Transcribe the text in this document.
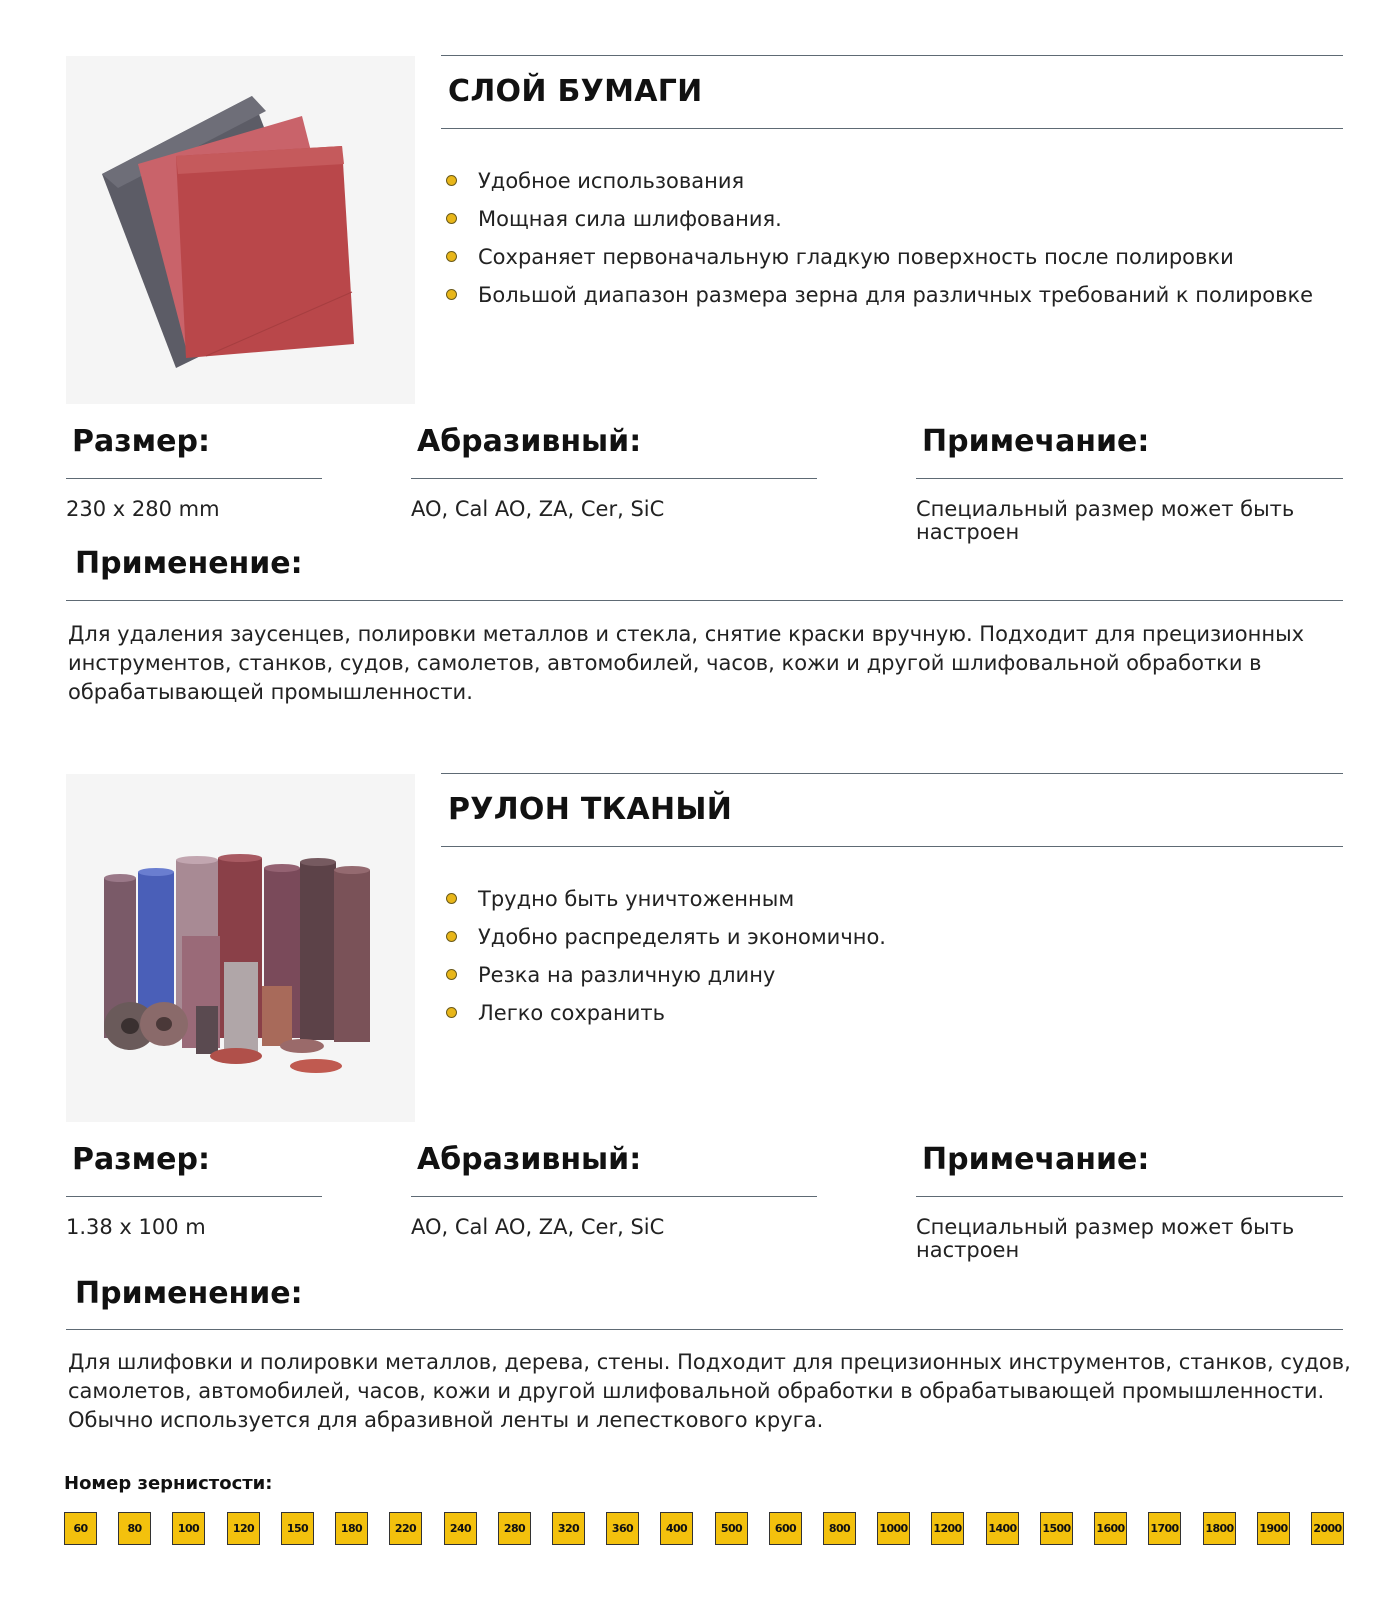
СЛОЙ БУМАГИ
Удобное использования
Мощная сила шлифования.
Сохраняет первоначальную гладкую поверхность после полировки
Большой диапазон размера зерна для различных требований к полировке
Размер:
230 x 280 mm
Абразивный:
AO, Cal AO, ZA, Cer, SiC
Примечание:
Специальный размер может быть настроен
Применение:
Для удаления заусенцев, полировки металлов и стекла, снятие краски вручную. Подходит для прецизионных инструментов, станков, судов, самолетов, автомобилей, часов, кожи и другой шлифовальной обработки в обрабатывающей промышленности.
РУЛОН ТКАНЫЙ
Трудно быть уничтоженным
Удобно распределять и экономично.
Резка на различную длину
Легко сохранить
Размер:
1.38 x 100 m
Абразивный:
AO, Cal AO, ZA, Cer, SiC
Примечание:
Специальный размер может быть настроен
Применение:
Для шлифовки и полировки металлов, дерева, стены. Подходит для прецизионных инструментов, станков, судов, самолетов, автомобилей, часов, кожи и другой шлифовальной обработки в обрабатывающей промышленности. Обычно используется для абразивной ленты и лепесткового круга.
Номер зернистости:
60	80	100	120	150	180	220	240	280	320	360	400	500	600	800	1000 1200 1400 1500 1600 1700 1800 1900 2000
